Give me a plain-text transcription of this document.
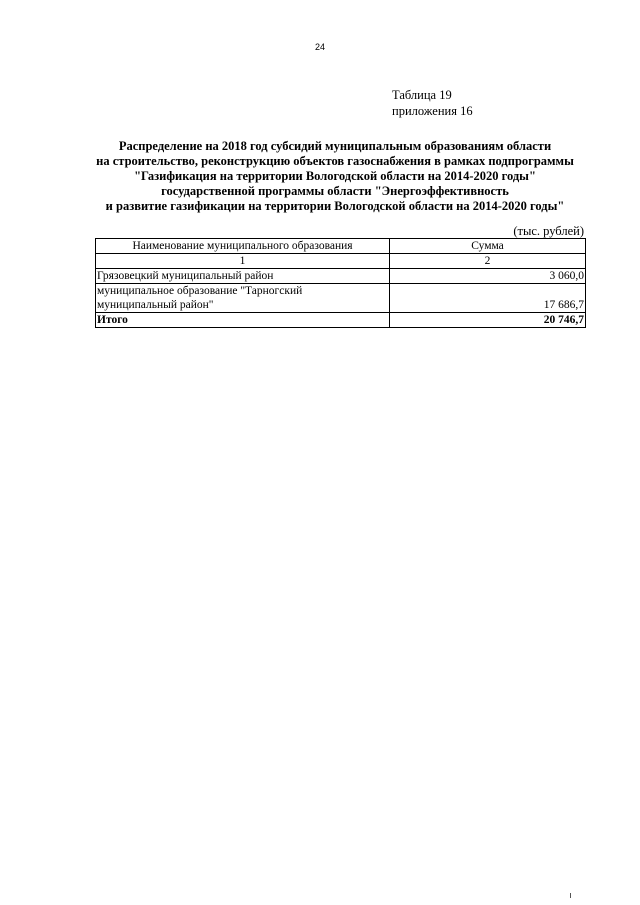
24
Таблица 19
приложения 16
Распределение на 2018 год субсидий муниципальным образованиям области
на строительство, реконструкцию объектов газоснабжения в рамках подпрограммы
"Газификация на территории Вологодской области на 2014-2020 годы"
государственной программы области "Энергоэффективность
и развитие газификации на территории Вологодской области на 2014-2020 годы"
(тыс. рублей)
Наименование муниципального образования	Сумма
1	2
Грязовецкий муниципальный район	3 060,0
муниципальное образование "Тарногский
муниципальный район"	17 686,7
Итого	20 746,7
